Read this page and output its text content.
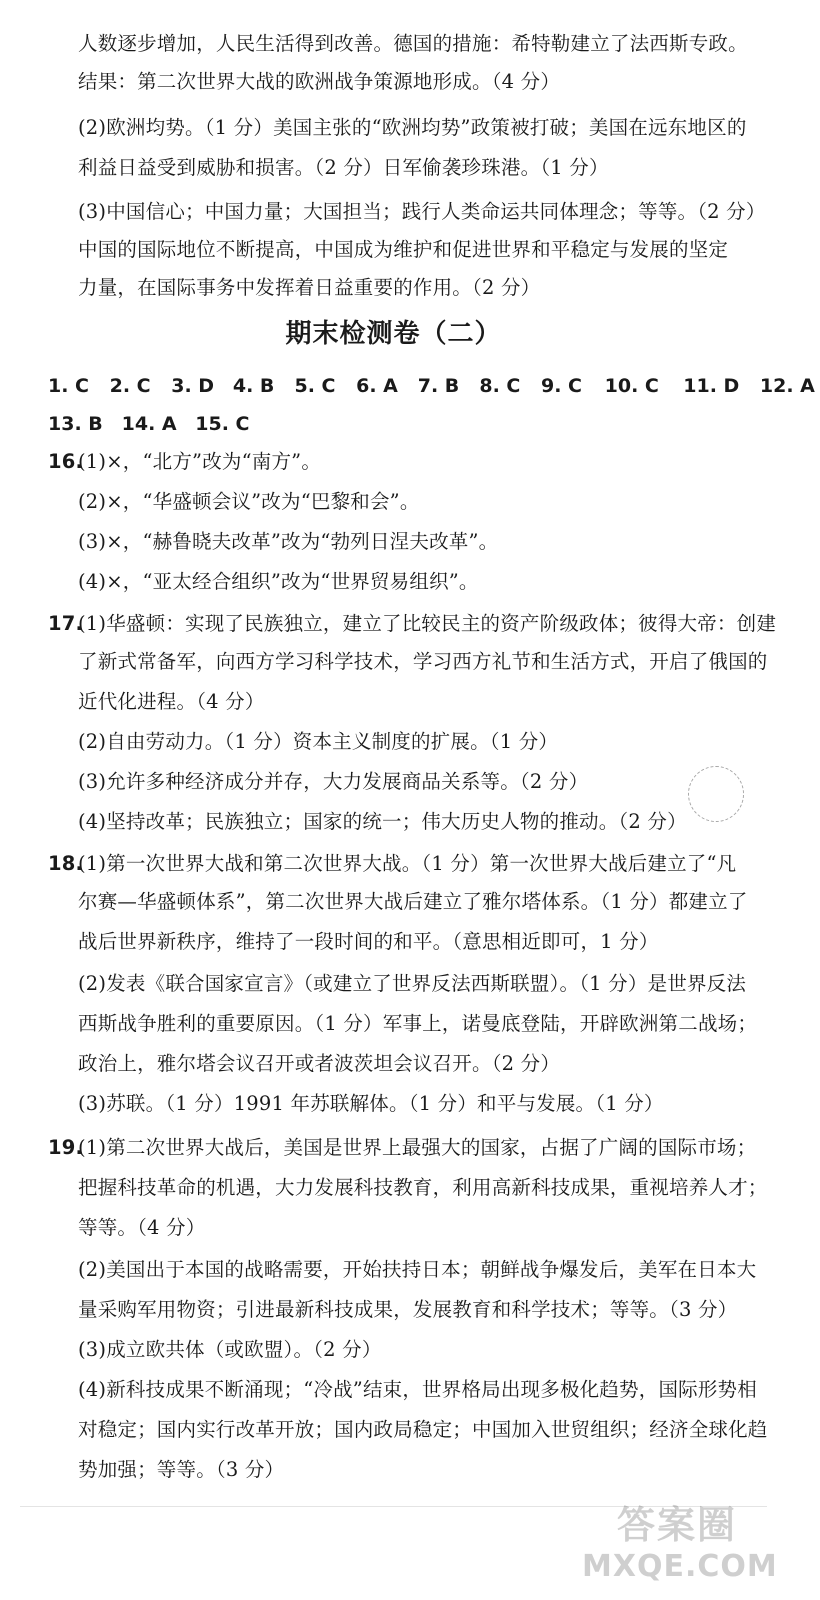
人数逐步增加，人民生活得到改善。德国的措施：希特勒建立了法西斯专政。
结果：第二次世界大战的欧洲战争策源地形成。（4 分）
(2)欧洲均势。（1 分）美国主张的“欧洲均势”政策被打破；美国在远东地区的
利益日益受到威胁和损害。（2 分）日军偷袭珍珠港。（1 分）
(3)中国信心；中国力量；大国担当；践行人类命运共同体理念；等等。（2 分）
中国的国际地位不断提高，中国成为维护和促进世界和平稳定与发展的坚定
力量，在国际事务中发挥着日益重要的作用。（2 分）
期末检测卷（二）
1. C 2. C 3. D 4. B 5. C 6. A 7. B 8. C 9. C 10. C 11. D 12. A
13. B 14. A 15. C
16.
(1)×，“北方”改为“南方”。
(2)×，“华盛顿会议”改为“巴黎和会”。
(3)×，“赫鲁晓夫改革”改为“勃列日涅夫改革”。
(4)×，“亚太经合组织”改为“世界贸易组织”。
17.
(1)华盛顿：实现了民族独立，建立了比较民主的资产阶级政体；彼得大帝：创建
了新式常备军，向西方学习科学技术，学习西方礼节和生活方式，开启了俄国的
近代化进程。（4 分）
(2)自由劳动力。（1 分）资本主义制度的扩展。（1 分）
(3)允许多种经济成分并存，大力发展商品关系等。（2 分）
(4)坚持改革；民族独立；国家的统一；伟大历史人物的推动。（2 分）
18.
(1)第一次世界大战和第二次世界大战。（1 分）第一次世界大战后建立了“凡
尔赛—华盛顿体系”，第二次世界大战后建立了雅尔塔体系。（1 分）都建立了
战后世界新秩序，维持了一段时间的和平。（意思相近即可，1 分）
(2)发表《联合国家宣言》（或建立了世界反法西斯联盟）。（1 分）是世界反法
西斯战争胜利的重要原因。（1 分）军事上，诺曼底登陆，开辟欧洲第二战场；
政治上，雅尔塔会议召开或者波茨坦会议召开。（2 分）
(3)苏联。（1 分）1991 年苏联解体。（1 分）和平与发展。（1 分）
19.
(1)第二次世界大战后，美国是世界上最强大的国家，占据了广阔的国际市场；
把握科技革命的机遇，大力发展科技教育，利用高新科技成果，重视培养人才；
等等。（4 分）
(2)美国出于本国的战略需要，开始扶持日本；朝鲜战争爆发后，美军在日本大
量采购军用物资；引进最新科技成果，发展教育和科学技术；等等。（3 分）
(3)成立欧共体（或欧盟）。（2 分）
(4)新科技成果不断涌现；“冷战”结束，世界格局出现多极化趋势，国际形势相
对稳定；国内实行改革开放；国内政局稳定；中国加入世贸组织；经济全球化趋
势加强；等等。（3 分）
答案圈
MXQE.COM
